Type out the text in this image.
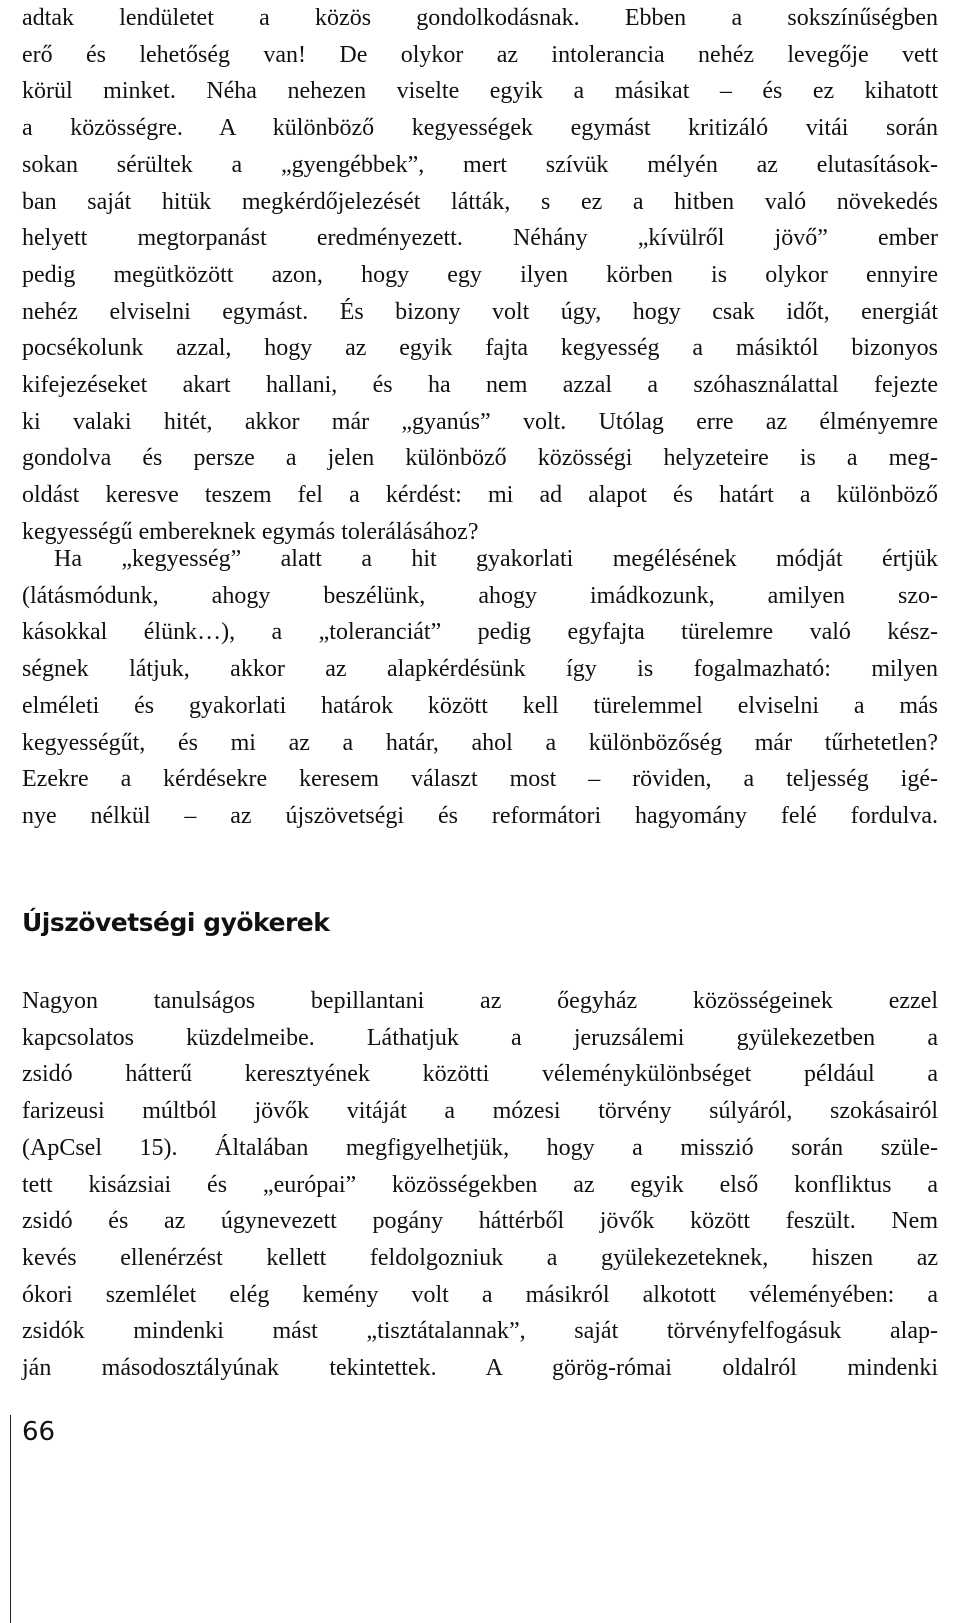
adtak lendületet a közös gondolkodásnak. Ebben a sokszínűségben
erő és lehetőség van! De olykor az intolerancia nehéz levegője vett
körül minket. Néha nehezen viselte egyik a másikat – és ez kihatott
a közösségre. A különböző kegyességek egymást kritizáló vitái során
sokan sérültek a „gyengébbek”, mert szívük mélyén az elutasítások-
ban saját hitük megkérdőjelezését látták, s ez a hitben való növekedés
helyett megtorpanást eredményezett. Néhány „kívülről jövő” ember
pedig megütközött azon, hogy egy ilyen körben is olykor ennyire
nehéz elviselni egymást. És bizony volt úgy, hogy csak időt, energiát
pocsékolunk azzal, hogy az egyik fajta kegyesség a másiktól bizonyos
kifejezéseket akart hallani, és ha nem azzal a szóhasználattal fejezte
ki valaki hitét, akkor már „gyanús” volt. Utólag erre az élményemre
gondolva és persze a jelen különböző közösségi helyzeteire is a meg-
oldást keresve teszem fel a kérdést: mi ad alapot és határt a különböző
kegyességű embereknek egymás tolerálásához?
Ha „kegyesség” alatt a hit gyakorlati megélésének módját értjük
(látásmódunk, ahogy beszélünk, ahogy imádkozunk, amilyen szo-
kásokkal élünk…), a „toleranciát” pedig egyfajta türelemre való kész-
ségnek látjuk, akkor az alapkérdésünk így is fogalmazható: milyen
elméleti és gyakorlati határok között kell türelemmel elviselni a más
kegyességűt, és mi az a határ, ahol a különbözőség már tűrhetetlen?
Ezekre a kérdésekre keresem választ most – röviden, a teljesség igé-
nye nélkül – az újszövetségi és reformátori hagyomány felé fordulva.
Újszövetségi gyökerek
Nagyon tanulságos bepillantani az őegyház közösségeinek ezzel
kapcsolatos küzdelmeibe. Láthatjuk a jeruzsálemi gyülekezetben a
zsidó hátterű keresztyének közötti véleménykülönbséget például a
farizeusi múltból jövők vitáját a mózesi törvény súlyáról, szokásairól
(ApCsel 15). Általában megfigyelhetjük, hogy a misszió során szüle-
tett kisázsiai és „európai” közösségekben az egyik első konfliktus a
zsidó és az úgynevezett pogány háttérből jövők között feszült. Nem
kevés ellenérzést kellett feldolgozniuk a gyülekezeteknek, hiszen az
ókori szemlélet elég kemény volt a másikról alkotott véleményében: a
zsidók mindenki mást „tisztátalannak”, saját törvényfelfogásuk alap-
ján másodosztályúnak tekintettek. A görög-római oldalról mindenki
66
